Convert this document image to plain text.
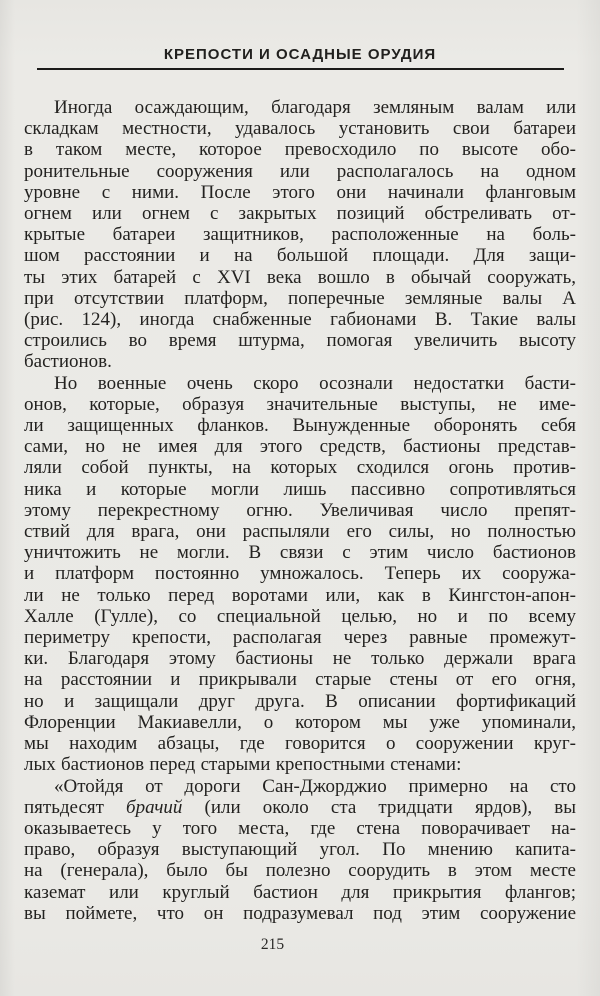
КРЕПОСТИ И ОСАДНЫЕ ОРУДИЯ
Иногда осаждающим, благодаря земляным валам или
складкам местности, удавалось установить свои батареи
в таком месте, которое превосходило по высоте обо-
ронительные сооружения или располагалось на одном
уровне с ними. После этого они начинали фланговым
огнем или огнем с закрытых позиций обстреливать от-
крытые батареи защитников, расположенные на боль-
шом расстоянии и на большой площади. Для защи-
ты этих батарей с XVI века вошло в обычай сооружать,
при отсутствии платформ, поперечные земляные валы A
(рис. 124), иногда снабженные габионами B. Такие валы
строились во время штурма, помогая увеличить высоту
бастионов.
Но военные очень скоро осознали недостатки басти-
онов, которые, образуя значительные выступы, не име-
ли защищенных фланков. Вынужденные оборонять себя
сами, но не имея для этого средств, бастионы представ-
ляли собой пункты, на которых сходился огонь против-
ника и которые могли лишь пассивно сопротивляться
этому перекрестному огню. Увеличивая число препят-
ствий для врага, они распыляли его силы, но полностью
уничтожить не могли. В связи с этим число бастионов
и платформ постоянно умножалось. Теперь их сооружа-
ли не только перед воротами или, как в Кингстон-апон-
Халле (Гулле), со специальной целью, но и по всему
периметру крепости, располагая через равные промежут-
ки. Благодаря этому бастионы не только держали врага
на расстоянии и прикрывали старые стены от его огня,
но и защищали друг друга. В описании фортификаций
Флоренции Макиавелли, о котором мы уже упоминали,
мы находим абзацы, где говорится о сооружении круг-
лых бастионов перед старыми крепостными стенами:
«Отойдя от дороги Сан-Джорджио примерно на сто
пятьдесят брачий (или около ста тридцати ярдов), вы
оказываетесь у того места, где стена поворачивает на-
право, образуя выступающий угол. По мнению капита-
на (генерала), было бы полезно соорудить в этом месте
каземат или круглый бастион для прикрытия флангов;
вы поймете, что он подразумевал под этим сооружение
215
